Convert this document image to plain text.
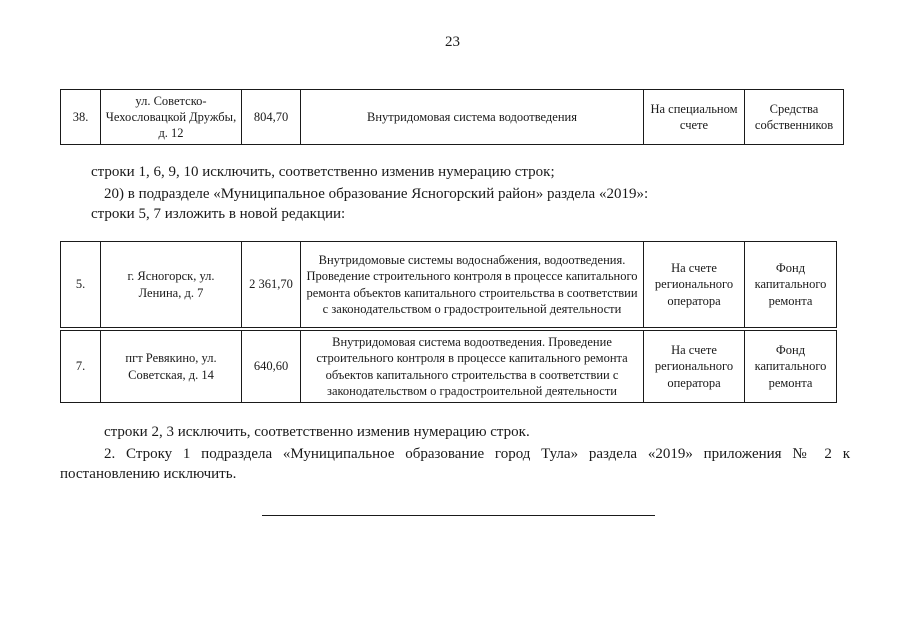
23
38.	ул. Советско-Чехословацкой Дружбы, д. 12	804,70	Внутридомовая система водоотведения	На специальном счете	Средства собственников

строки 1, 6, 9, 10 исключить, соответственно изменив нумерацию строк;

20) в подразделе «Муниципальное образование Ясногорский район» раздела «2019»:

строки 5, 7 изложить в новой редакции:

5.	г. Ясногорск, ул. Ленина, д. 7	2 361,70	Внутридомовые системы водоснабжения, водоотведения. Проведение строительного контроля в процессе капитального ремонта объектов капитального строительства в соответствии с законодательством о градостроительной деятельности	На счете регионального оператора	Фонд капитального ремонта
7.	пгт Ревякино, ул. Советская, д. 14	640,60	Внутридомовая система водоотведения. Проведение строительного контроля в процессе капитального ремонта объектов капитального строительства в соответствии с законодательством о градостроительной деятельности	На счете регионального оператора	Фонд капитального ремонта

строки 2, 3 исключить, соответственно изменив нумерацию строк.

2. Строку 1 подраздела «Муниципальное образование город Тула» раздела «2019» приложения № 2 к постановлению исключить.
